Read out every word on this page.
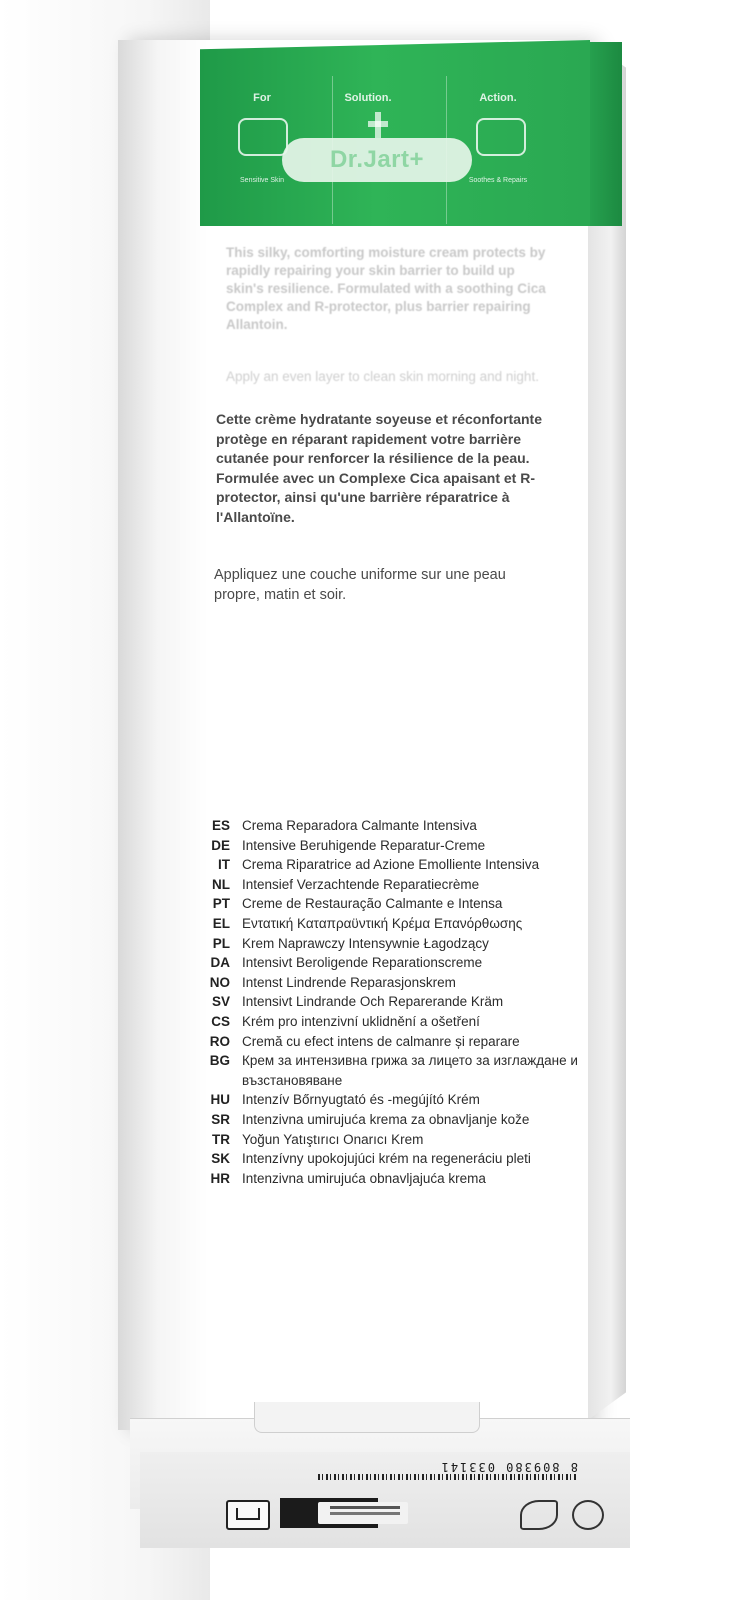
For
Sensitive Skin
Solution.	Action.
Soothes & Repairs
Dr.Jart+
This silky, comforting moisture cream protects by rapidly repairing your skin barrier to build up skin's resilience. Formulated with a soothing Cica Complex and R-protector, plus barrier repairing Allantoin.
Apply an even layer to clean skin morning and night.
Cette crème hydratante soyeuse et réconfortante protège en réparant rapidement votre barrière cutanée pour renforcer la résilience de la peau. Formulée avec un Complexe Cica apaisant et R-protector, ainsi qu'une barrière réparatrice à l'Allantoïne.
Appliquez une couche uniforme sur une peau propre, matin et soir.
ES Crema Reparadora Calmante Intensiva
DE Intensive Beruhigende Reparatur-Creme
IT Crema Riparatrice ad Azione Emolliente Intensiva
NL Intensief Verzachtende Reparatiecrème
PT Creme de Restauração Calmante e Intensa
EL Εντατική Καταπραϋντική Κρέμα Επανόρθωσης
PL Krem Naprawczy Intensywnie Łagodzący
DA Intensivt Beroligende Reparationscreme
NO Intenst Lindrende Reparasjonskrem
SV Intensivt Lindrande Och Reparerande Kräm
CS Krém pro intenzivní uklidnění a ošetření
RO Cremă cu efect intens de calmanre și reparare
BG Крем за интензивна грижа за лицето за изглаждане и възстановяване
HU Intenzív Bőrnyugtató és -megújító Krém
SR Intenzivna umirujuća krema za obnavljanje kože
TR Yoğun Yatıştırıcı Onarıcı Krem
SK Intenzívny upokojujúci krém na regeneráciu pleti
HR Intenzivna umirujuća obnavljajuća krema
8 809380 033141
